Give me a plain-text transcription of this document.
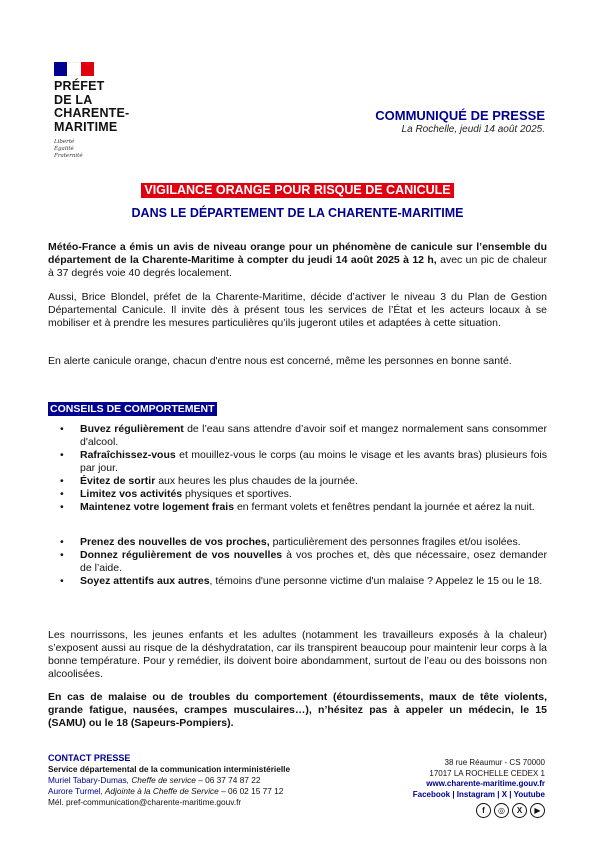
PRÉFET
DE LA
CHARENTE-
MARITIME
Liberté
Égalité
Fraternité
COMMUNIQUÉ DE PRESSE
La Rochelle, jeudi 14 août 2025.
VIGILANCE ORANGE POUR RISQUE DE CANICULE
DANS LE DÉPARTEMENT DE LA CHARENTE-MARITIME
Météo-France a émis un avis de niveau orange pour un phénomène de canicule sur l’ensemble du département de la Charente-Maritime à compter du jeudi 14 août 2025 à 12 h, avec un pic de chaleur à 37 degrés voie 40 degrés localement.
Aussi, Brice Blondel, préfet de la Charente-Maritime, décide d’activer le niveau 3 du Plan de Gestion Départemental Canicule. Il invite dès à présent tous les services de l’État et les acteurs locaux à se mobiliser et à prendre les mesures particulières qu’ils jugeront utiles et adaptées à cette situation.
En alerte canicule orange, chacun d'entre nous est concerné, même les personnes en bonne santé.
CONSEILS DE COMPORTEMENT
• Buvez régulièrement de l’eau sans attendre d’avoir soif et mangez normalement sans consommer d'alcool.
• Rafraîchissez-vous et mouillez-vous le corps (au moins le visage et les avants bras) plusieurs fois par jour.
• Évitez de sortir aux heures les plus chaudes de la journée.
• Limitez vos activités physiques et sportives.
• Maintenez votre logement frais en fermant volets et fenêtres pendant la journée et aérez la nuit.
• Prenez des nouvelles de vos proches, particulièrement des personnes fragiles et/ou isolées.
• Donnez régulièrement de vos nouvelles à vos proches et, dès que nécessaire, osez demander de l’aide.
• Soyez attentifs aux autres, témoins d'une personne victime d'un malaise ? Appelez le 15 ou le 18.
Les nourrissons, les jeunes enfants et les adultes (notamment les travailleurs exposés à la chaleur) s’exposent aussi au risque de la déshydratation, car ils transpirent beaucoup pour maintenir leur corps à la bonne température. Pour y remédier, ils doivent boire abondamment, surtout de l’eau ou des boissons non alcoolisées.
En cas de malaise ou de troubles du comportement (étourdissements, maux de tête violents, grande fatigue, nausées, crampes musculaires…), n’hésitez pas à appeler un médecin, le 15 (SAMU) ou le 18 (Sapeurs-Pompiers).
CONTACT PRESSE
Service départemental de la communication interministérielle
Muriel Tabary-Dumas, Cheffe de service – 06 37 74 87 22
Aurore Turmel, Adjointe à la Cheffe de Service – 06 02 15 77 12
Mél. pref-communication@charente-maritime.gouv.fr
38 rue Réaumur - CS 70000
17017 LA ROCHELLE CEDEX 1
www.charente-maritime.gouv.fr
Facebook | Instagram | X | Youtube
f	◎	X	▶
